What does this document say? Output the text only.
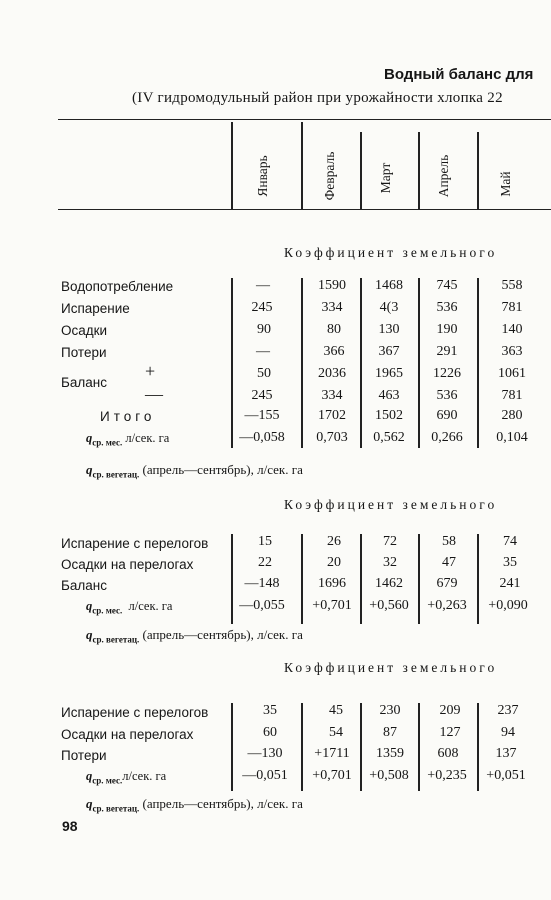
Водный баланс для
(IV гидромодульный район при урожайности хлопка 22
Январь	Февраль	Март	Апрель	Май
Коэффициент земельного
Водопотребление	—	1590	1468	745	558
Испарение	245	334	4(3	536	781
Осадки	90	80	130	190	140
Потери	—	366	367	291	363
Баланс
+	50	2036	1965	1226	1061
—	245	334	463	536	781
Итого	—155	1702	1502	690	280
$q_{ср. мес.}$ л/сек. га	—0,058	0,703	0,562	0,266	0,104
$q_{ср. вегетац.}$ (апрель—сентябрь), л/сек. га
Коэффициент земельного
Испарение с перелогов	15	26	72	58	74
Осадки на перелогах	22	20	32	47	35
Баланс	—148	1696	1462	679	241
$q_{ср. мес.}$ л/сек. га	—0,055	+0,701	+0,560	+0,263	+0,090
$q_{ср. вегетац.}$ (апрель—сентябрь), л/сек. га
Коэффициент земельного
Испарение с перелогов	35	45	230	209	237
Осадки на перелогах	60	54	87	127	94
Потери	—130	+1711	1359	608	137
$q_{ср. мес.}л$/сек. га	—0,051	+0,701	+0,508	+0,235	+0,051
$q_{ср. вегетац.}$ (апрель—сентябрь), л/сек. га
98
